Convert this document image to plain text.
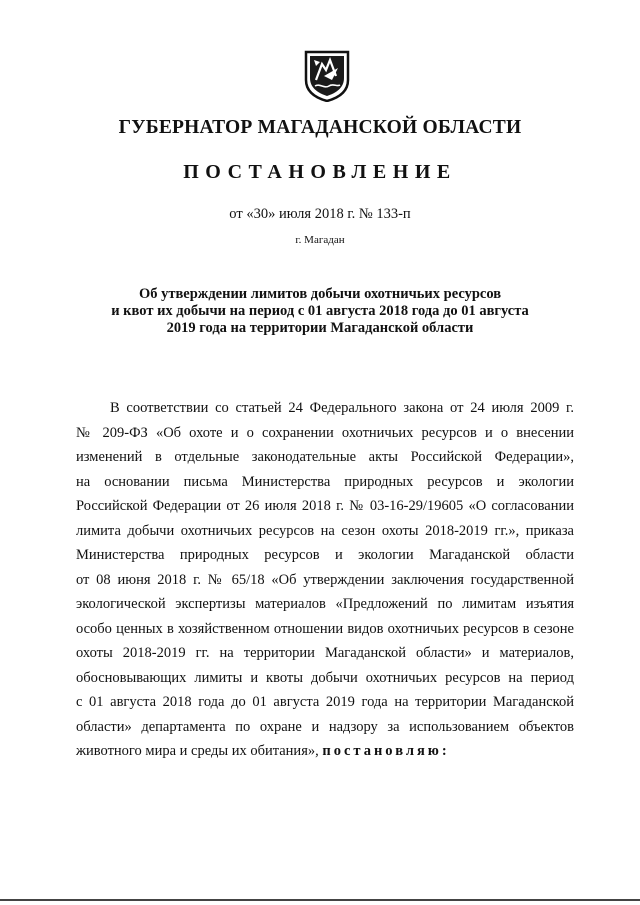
ГУБЕРНАТОР МАГАДАНСКОЙ ОБЛАСТИ
ПОСТАНОВЛЕНИЕ
от «30» июля 2018 г. № 133-п
г. Магадан
Об утверждении лимитов добычи охотничьих ресурсов
и квот их добычи на период с 01 августа 2018 года до 01 августа
2019 года на территории Магаданской области
В соответствии со статьей 24 Федерального закона от 24 июля 2009 г.
№ 209-ФЗ «Об охоте и о сохранении охотничьих ресурсов и о внесении
изменений в отдельные законодательные акты Российской Федерации»,
на основании письма Министерства природных ресурсов и экологии
Российской Федерации от 26 июля 2018 г. № 03-16-29/19605 «О согласовании
лимита добычи охотничьих ресурсов на сезон охоты 2018-2019 гг.», приказа
Министерства природных ресурсов и экологии Магаданской области
от 08 июня 2018 г. № 65/18 «Об утверждении заключения государственной
экологической экспертизы материалов «Предложений по лимитам изъятия
особо ценных в хозяйственном отношении видов охотничьих ресурсов в сезоне
охоты 2018-2019 гг. на территории Магаданской области» и материалов,
обосновывающих лимиты и квоты добычи охотничьих ресурсов на период
с 01 августа 2018 года до 01 августа 2019 года на территории Магаданской
области» департамента по охране и надзору за использованием объектов
животного мира и среды их обитания», постановляю:
